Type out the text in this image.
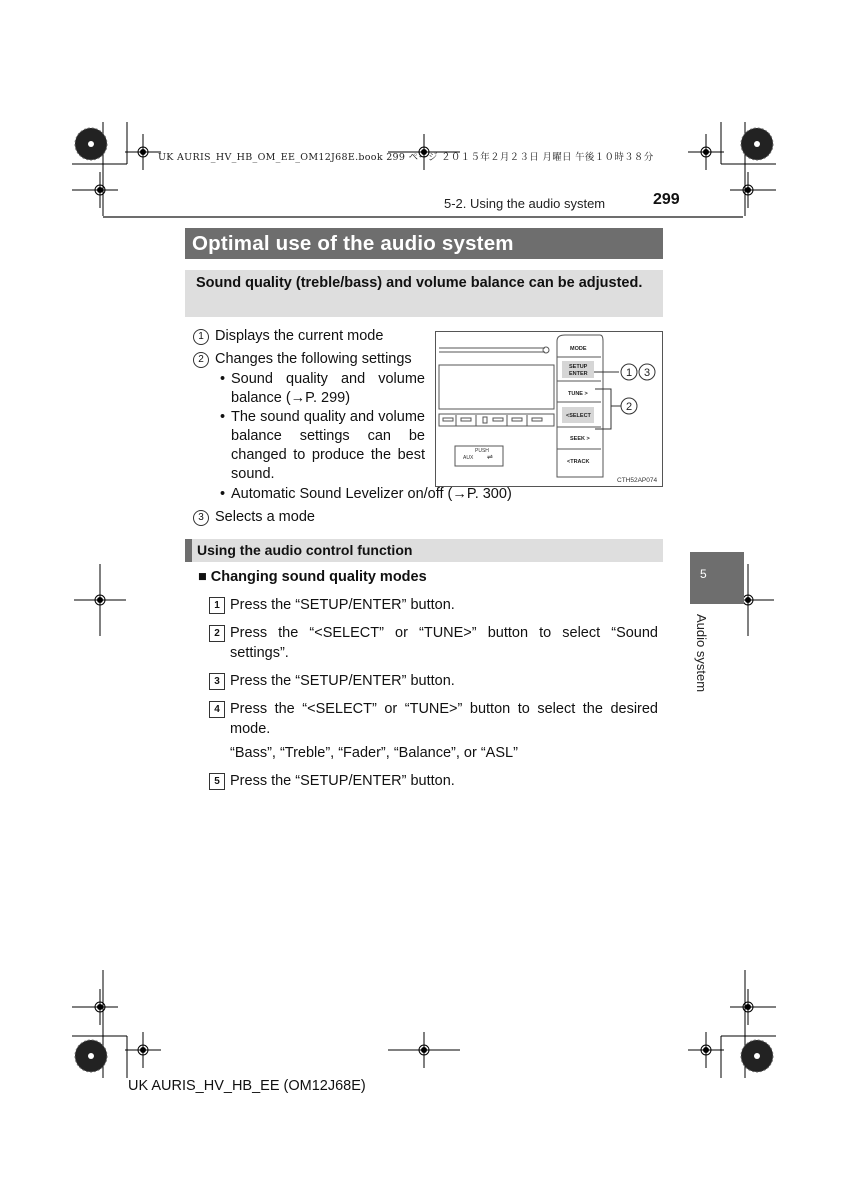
UK AURIS_HV_HB_OM_EE_OM12J68E.book 299 ページ ２０１５年２月２３日 月曜日 午後１０時３８分
5-2. Using the audio system	299
Optimal use of the audio system
Sound quality (treble/bass) and volume balance can be adjusted.
1 Displays the current mode
2 Changes the following settings
• Sound quality and volume balance (→P. 299)
• The sound quality and volume balance settings can be changed to produce the best sound.
• Automatic Sound Levelizer on/off (→P. 300)
3 Selects a mode
PUSH
AUX ⇌
MODE
SETUP
ENTER
TUNE >
<SELECT
SEEK >
<TRACK
1 3
2
CTH52AP074
Using the audio control function
■ Changing sound quality modes
1 Press the “SETUP/ENTER” button.
2 Press the “<SELECT” or “TUNE>” button to select “Sound settings”.
3 Press the “SETUP/ENTER” button.
4 Press the “<SELECT” or “TUNE>” button to select the desired mode.
“Bass”, “Treble”, “Fader”, “Balance”, or “ASL”
5 Press the “SETUP/ENTER” button.
5
Audio system
UK AURIS_HV_HB_EE (OM12J68E)
